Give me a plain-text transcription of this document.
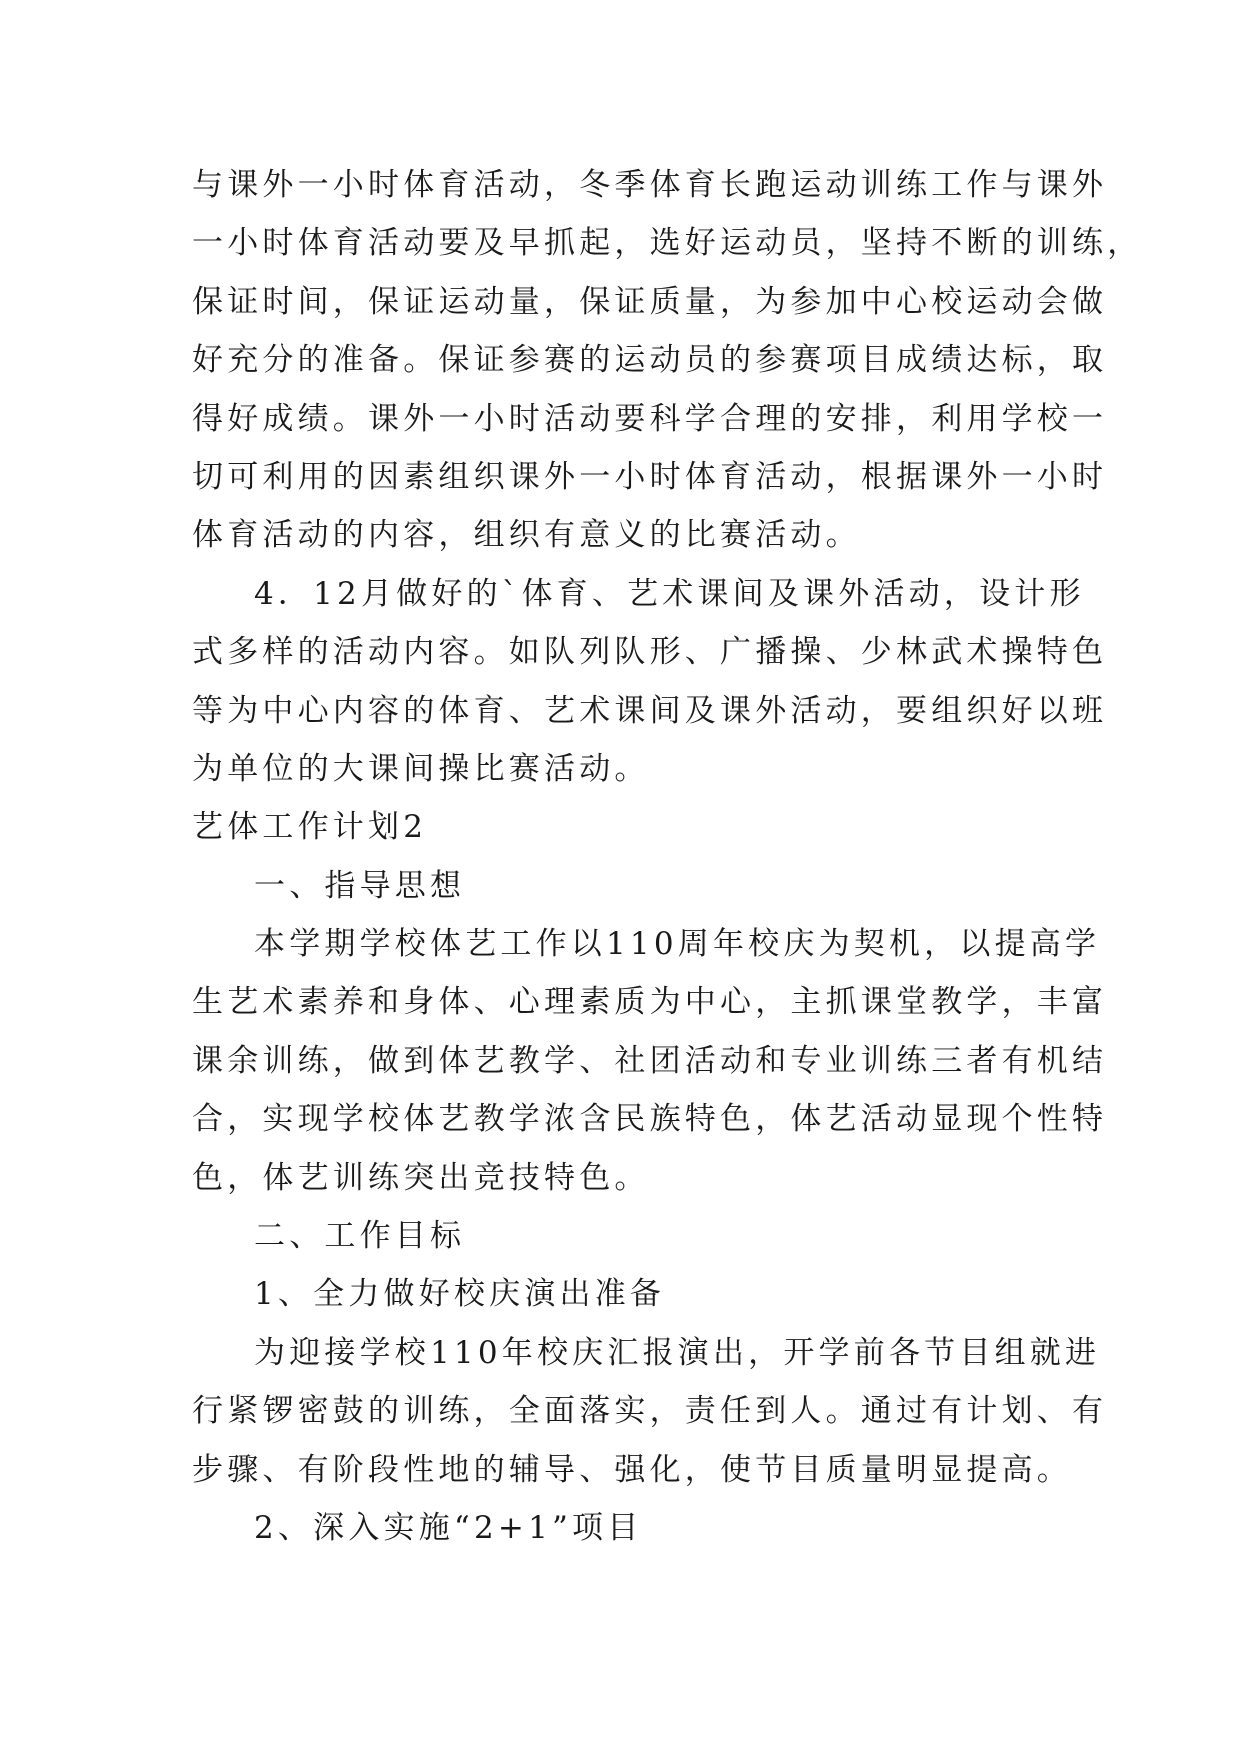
与课外一小时体育活动，冬季体育长跑运动训练工作与课外
一小时体育活动要及早抓起，选好运动员，坚持不断的训练，
保证时间，保证运动量，保证质量，为参加中心校运动会做
好充分的准备。保证参赛的运动员的参赛项目成绩达标，取
得好成绩。课外一小时活动要科学合理的安排，利用学校一
切可利用的因素组织课外一小时体育活动，根据课外一小时
体育活动的内容，组织有意义的比赛活动。
4．12月做好的`体育、艺术课间及课外活动，设计形
式多样的活动内容。如队列队形、广播操、少林武术操特色
等为中心内容的体育、艺术课间及课外活动，要组织好以班
为单位的大课间操比赛活动。
艺体工作计划2
一、指导思想
本学期学校体艺工作以110周年校庆为契机，以提高学
生艺术素养和身体、心理素质为中心，主抓课堂教学，丰富
课余训练，做到体艺教学、社团活动和专业训练三者有机结
合，实现学校体艺教学浓含民族特色，体艺活动显现个性特
色，体艺训练突出竞技特色。
二、工作目标
1、全力做好校庆演出准备
为迎接学校110年校庆汇报演出，开学前各节目组就进
行紧锣密鼓的训练，全面落实，责任到人。通过有计划、有
步骤、有阶段性地的辅导、强化，使节目质量明显提高。
2、深入实施“2+1”项目
